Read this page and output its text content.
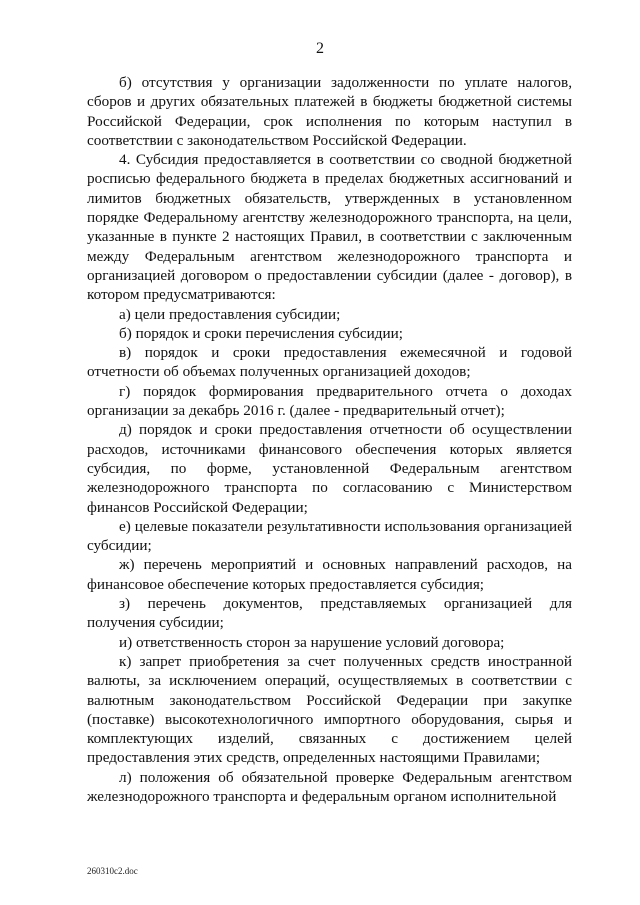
2

б) отсутствия у организации задолженности по уплате налогов, сборов и других обязательных платежей в бюджеты бюджетной системы Российской Федерации, срок исполнения по которым наступил в соответствии с законодательством Российской Федерации.

4. Субсидия предоставляется в соответствии со сводной бюджетной росписью федерального бюджета в пределах бюджетных ассигнований и лимитов бюджетных обязательств, утвержденных в установленном порядке Федеральному агентству железнодорожного транспорта, на цели, указанные в пункте 2 настоящих Правил, в соответствии с заключенным между Федеральным агентством железнодорожного транспорта и организацией договором о предоставлении субсидии (далее - договор), в котором предусматриваются:

а) цели предоставления субсидии;

б) порядок и сроки перечисления субсидии;

в) порядок и сроки предоставления ежемесячной и годовой отчетности об объемах полученных организацией доходов;

г) порядок формирования предварительного отчета о доходах организации за декабрь 2016 г. (далее - предварительный отчет);

д) порядок и сроки предоставления отчетности об осуществлении расходов, источниками финансового обеспечения которых является субсидия, по форме, установленной Федеральным агентством железнодорожного транспорта по согласованию с Министерством финансов Российской Федерации;

е) целевые показатели результативности использования организацией субсидии;

ж) перечень мероприятий и основных направлений расходов, на финансовое обеспечение которых предоставляется субсидия;

з) перечень документов, представляемых организацией для получения субсидии;

и) ответственность сторон за нарушение условий договора;

к) запрет приобретения за счет полученных средств иностранной валюты, за исключением операций, осуществляемых в соответствии с валютным законодательством Российской Федерации при закупке (поставке) высокотехнологичного импортного оборудования, сырья и комплектующих изделий, связанных с достижением целей предоставления этих средств, определенных настоящими Правилами;

л) положения об обязательной проверке Федеральным агентством железнодорожного транспорта и федеральным органом исполнительной

260310c2.doc
